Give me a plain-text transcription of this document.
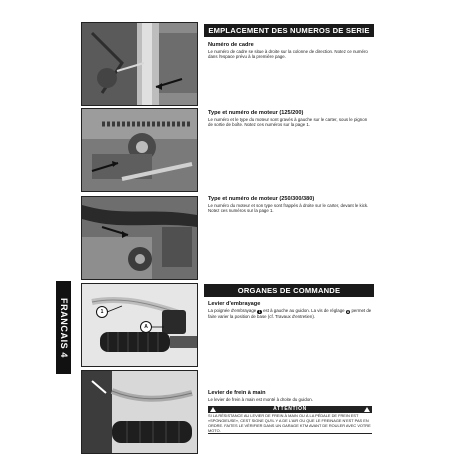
1
A
FRANCAIS 4
EMPLACEMENT DES NUMEROS DE SERIE
Numéro de cadre
Le numéro de cadre se situe à droite sur la colonne de direction. Notez ce numéro dans l'espace prévu à la première page.
Type et numéro de moteur (125/200)
Le numéro et le type du moteur sont gravés à gauche sur le carter, sous le pignon de sortie de boîte. Notez ces numéros sur la page 1.
Type et numéro de moteur (250/300/380)
Le numéro du moteur et son type sont frappés à droite sur le carter, devant le kick. Notez ces numéros sur la page 1.
ORGANES DE COMMANDE
Levier d'embrayage
La poignée d'embrayage 1 est à gauche au guidon. La vis de réglage A permet de faire varier la position de base (cf. Travaux d'entretien).
Levier de frein à main
Le levier de frein à main est monté à droite du guidon.
ATTENTION
SI LA RÉSISTANCE AU LEVIER DE FREIN À MAIN OU À LA PÉDALE DE FREIN EST «SPONGIEUSE», CEST SIGNE QU'IL Y A DE L'AIR OU QUE LE FREINAGE N'EST PAS EN ORDRE. FAITES LE VÉRIFIER DANS UN GARAGE KTM AVANT DE ROULER AVEC VOTRE MOTO.
